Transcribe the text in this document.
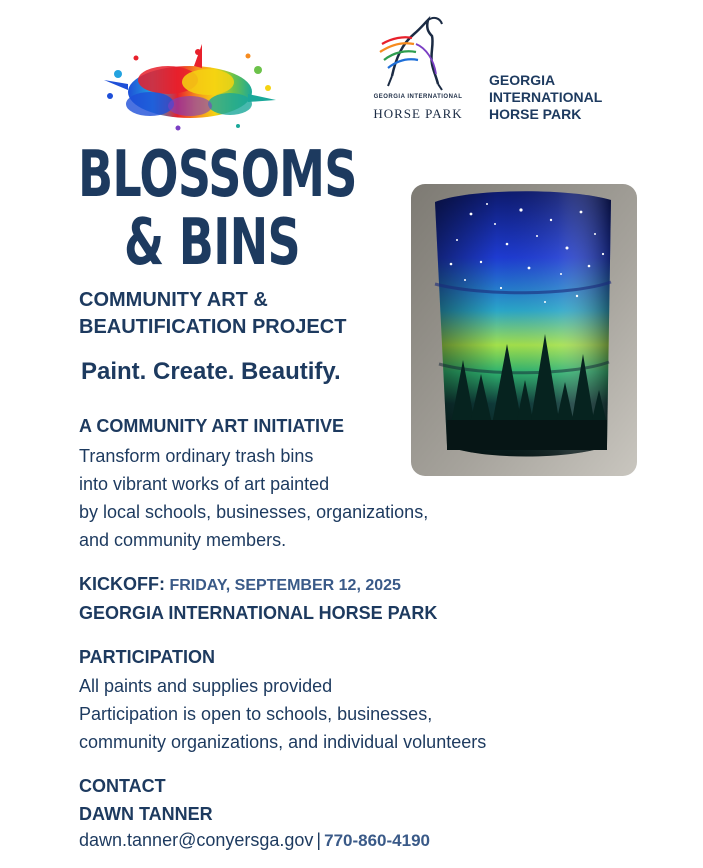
GEORGIA INTERNATIONAL
HORSE PARK
GEORGIA
INTERNATIONAL
HORSE PARK
BLOSSOMS
& BINS
COMMUNITY ART &
BEAUTIFICATION PROJECT
Paint. Create. Beautify.
A COMMUNITY ART INITIATIVE
Transform ordinary trash bins
into vibrant works of art painted
by local schools, businesses, organizations,
and community members.
KICKOFF: FRIDAY, SEPTEMBER 12, 2025
GEORGIA INTERNATIONAL HORSE PARK
PARTICIPATION
All paints and supplies provided
Participation is open to schools, businesses,
community organizations, and individual volunteers
CONTACT
DAWN TANNER
dawn.tanner@conyersga.gov | 770-860-4190
